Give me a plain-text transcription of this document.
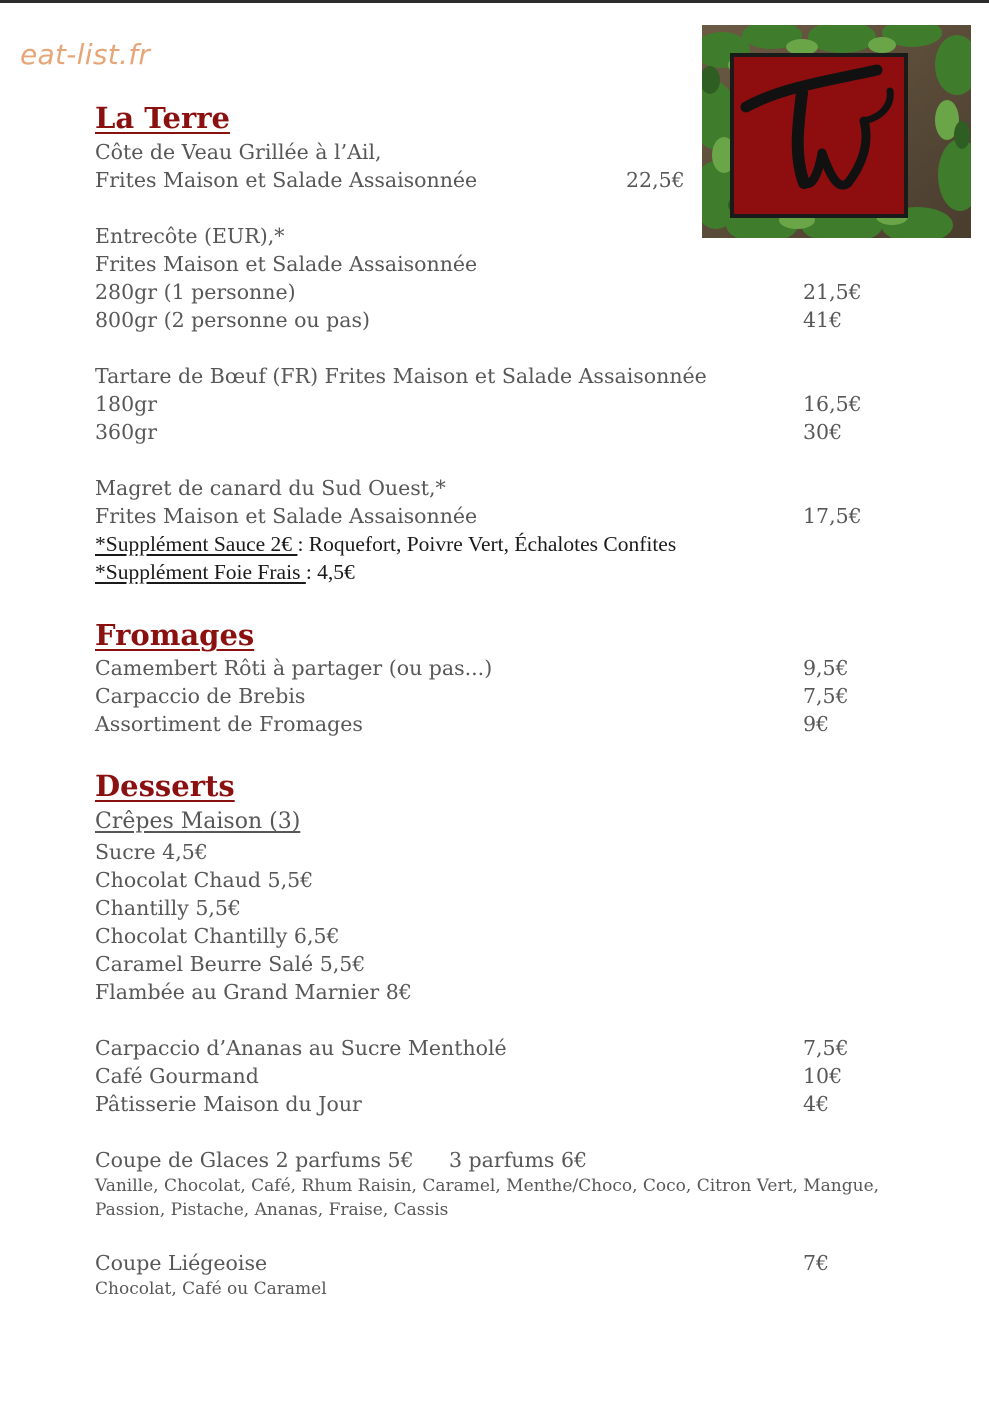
eat-list.fr
La Terre
Côte de Veau Grillée à l’Ail,
Frites Maison et Salade Assaisonnée	22,5€
Entrecôte (EUR),*
Frites Maison et Salade Assaisonnée
280gr (1 personne)	21,5€
800gr (2 personne ou pas)	41€
Tartare de Bœuf (FR) Frites Maison et Salade Assaisonnée
180gr	16,5€
360gr	30€
Magret de canard du Sud Ouest,*
Frites Maison et Salade Assaisonnée	17,5€
*Supplément Sauce 2€ : Roquefort, Poivre Vert, Échalotes Confites
*Supplément Foie Frais : 4,5€
Fromages
Camembert Rôti à partager (ou pas...)	9,5€
Carpaccio de Brebis	7,5€
Assortiment de Fromages	9€
Desserts
Crêpes Maison (3)
Sucre 4,5€
Chocolat Chaud 5,5€
Chantilly 5,5€
Chocolat Chantilly 6,5€
Caramel Beurre Salé 5,5€
Flambée au Grand Marnier 8€
Carpaccio d’Ananas au Sucre Mentholé	7,5€
Café Gourmand	10€
Pâtisserie Maison du Jour	4€
Coupe de Glaces 2 parfums 5€ 3 parfums 6€
Vanille, Chocolat, Café, Rhum Raisin, Caramel, Menthe/Choco, Coco, Citron Vert, Mangue,
Passion, Pistache, Ananas, Fraise, Cassis
Coupe Liégeoise	7€
Chocolat, Café ou Caramel
